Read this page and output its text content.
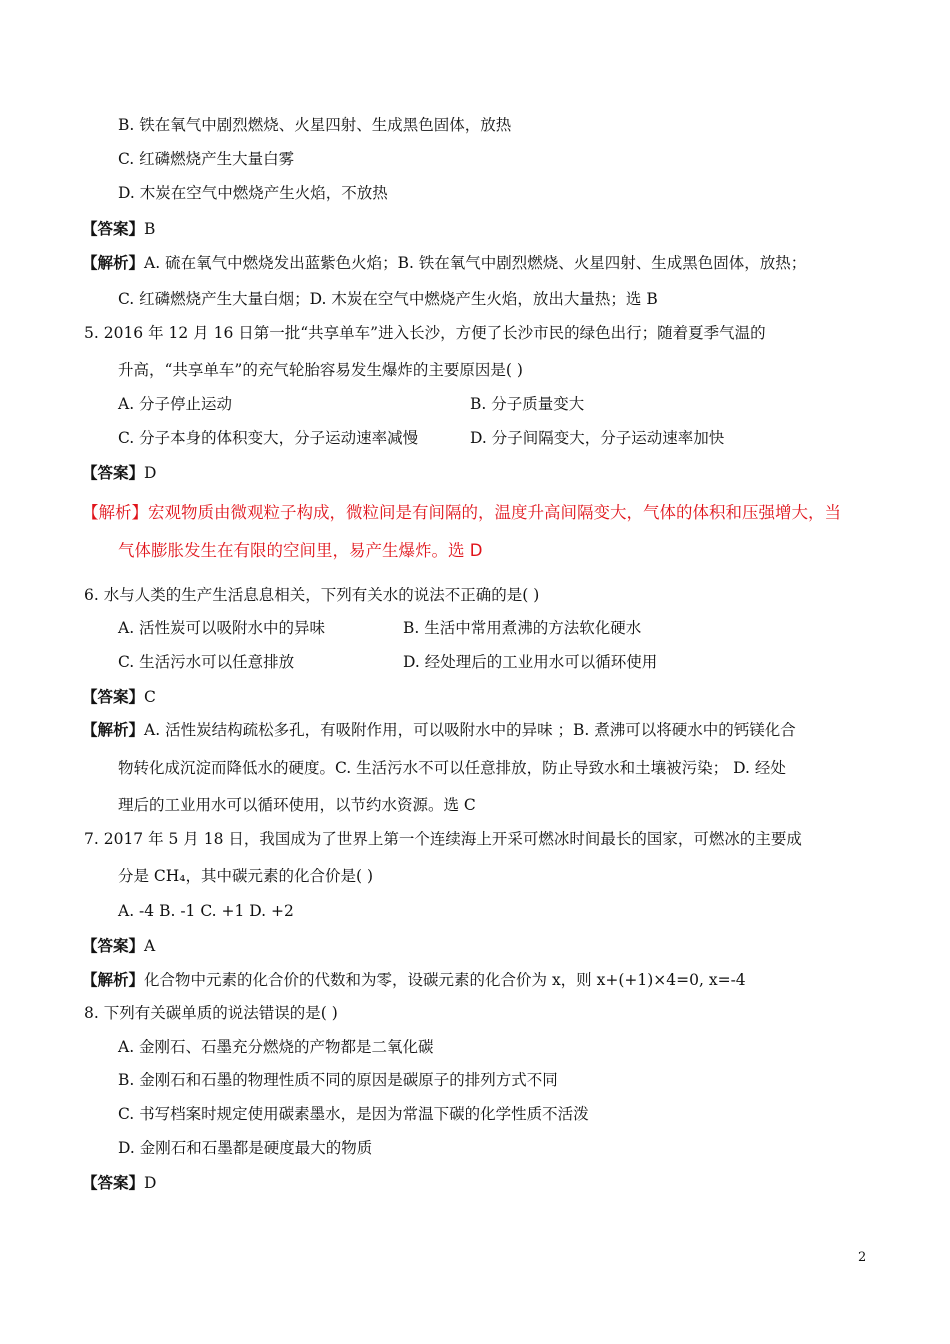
2
B. 铁在氧气中剧烈燃烧、火星四射、生成黑色固体，放热
C. 红磷燃烧产生大量白雾
D. 木炭在空气中燃烧产生火焰，不放热
【答案】B
【解析】A. 硫在氧气中燃烧发出蓝紫色火焰；B. 铁在氧气中剧烈燃烧、火星四射、生成黑色固体，放热；
C. 红磷燃烧产生大量白烟；D. 木炭在空气中燃烧产生火焰，放出大量热；选 B
5. 2016 年 12 月 16 日第一批“共享单车”进入长沙，方便了长沙市民的绿色出行；随着夏季气温的
升高，“共享单车”的充气轮胎容易发生爆炸的主要原因是( )
A. 分子停止运动	B. 分子质量变大
C. 分子本身的体积变大，分子运动速率减慢	D. 分子间隔变大，分子运动速率加快
【答案】D
【解析】宏观物质由微观粒子构成，微粒间是有间隔的，温度升高间隔变大，气体的体积和压强增大，当
气体膨胀发生在有限的空间里，易产生爆炸。选 D
6. 水与人类的生产生活息息相关，下列有关水的说法不正确的是( )
A. 活性炭可以吸附水中的异味	B. 生活中常用煮沸的方法软化硬水
C. 生活污水可以任意排放	D. 经处理后的工业用水可以循环使用
【答案】C
【解析】A. 活性炭结构疏松多孔，有吸附作用，可以吸附水中的异味 ；B. 煮沸可以将硬水中的钙镁化合
物转化成沉淀而降低水的硬度。C. 生活污水不可以任意排放，防止导致水和土壤被污染； D. 经处
理后的工业用水可以循环使用，以节约水资源。选 C
7. 2017 年 5 月 18 日，我国成为了世界上第一个连续海上开采可燃冰时间最长的国家，可燃冰的主要成
分是 CH₄，其中碳元素的化合价是( )
A. -4 B. -1 C. +1 D. +2
【答案】A
【解析】化合物中元素的化合价的代数和为零，设碳元素的化合价为 x，则 x+(+1)×4=0, x=-4
8. 下列有关碳单质的说法错误的是( )
A. 金刚石、石墨充分燃烧的产物都是二氧化碳
B. 金刚石和石墨的物理性质不同的原因是碳原子的排列方式不同
C. 书写档案时规定使用碳素墨水，是因为常温下碳的化学性质不活泼
D. 金刚石和石墨都是硬度最大的物质
【答案】D
